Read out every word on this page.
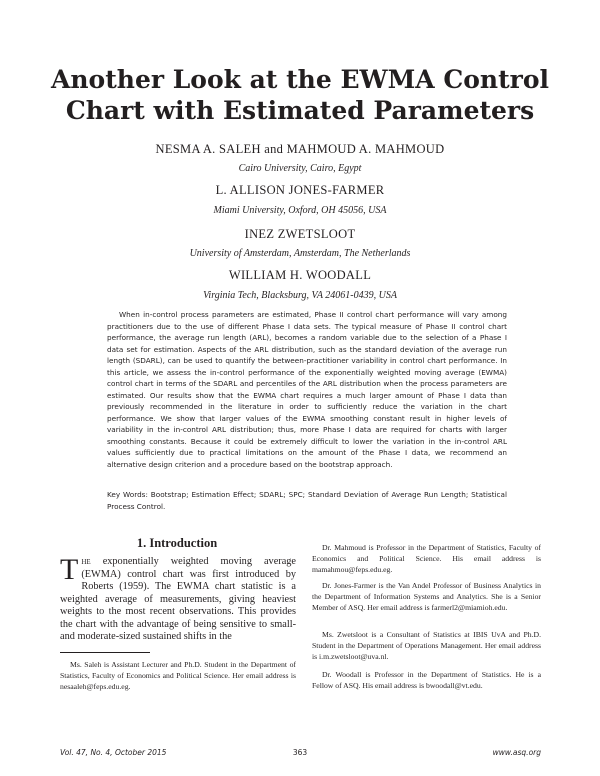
Another Look at the EWMA Control
Chart with Estimated Parameters
NESMA A. SALEH and MAHMOUD A. MAHMOUD
Cairo University, Cairo, Egypt
L. ALLISON JONES-FARMER
Miami University, Oxford, OH 45056, USA
INEZ ZWETSLOOT
University of Amsterdam, Amsterdam, The Netherlands
WILLIAM H. WOODALL
Virginia Tech, Blacksburg, VA 24061-0439, USA

When in-control process parameters are estimated, Phase II control chart performance will vary among practitioners due to the use of different Phase I data sets. The typical measure of Phase II control chart performance, the average run length (ARL), becomes a random variable due to the selection of a Phase I data set for estimation. Aspects of the ARL distribution, such as the standard deviation of the average run length (SDARL), can be used to quantify the between-practitioner variability in control chart performance. In this article, we assess the in-control performance of the exponentially weighted moving average (EWMA) control chart in terms of the SDARL and percentiles of the ARL distribution when the process parameters are estimated. Our results show that the EWMA chart requires a much larger amount of Phase I data than previously recommended in the literature in order to sufficiently reduce the variation in the chart performance. We show that larger values of the EWMA smoothing constant result in higher levels of variability in the in-control ARL distribution; thus, more Phase I data are required for charts with larger smoothing constants. Because it could be extremely difficult to lower the variation in the in-control ARL values sufficiently due to practical limitations on the amount of the Phase I data, we recommend an alternative design criterion and a procedure based on the bootstrap approach.

Key Words: Bootstrap; Estimation Effect; SDARL; SPC; Standard Deviation of Average Run Length; Statistical Process Control.

1. Introduction

The exponentially weighted moving average (EWMA) control chart was first introduced by Roberts (1959). The EWMA chart statistic is a weighted average of measurements, giving heaviest weights to the most recent observations. This provides the chart with the advantage of being sensitive to small- and moderate-sized sustained shifts in the

Ms. Saleh is Assistant Lecturer and Ph.D. Student in the Department of Statistics, Faculty of Economics and Political Science. Her email address is nesaaleh@feps.edu.eg.

Dr. Mahmoud is Professor in the Department of Statistics, Faculty of Economics and Political Science. His email address is mamahmou@feps.edu.eg.

Dr. Jones-Farmer is the Van Andel Professor of Business Analytics in the Department of Information Systems and Analytics. She is a Senior Member of ASQ. Her email address is farmerl2@miamioh.edu.

Ms. Zwetsloot is a Consultant of Statistics at IBIS UvA and Ph.D. Student in the Department of Operations Management. Her email address is i.m.zwetsloot@uva.nl.

Dr. Woodall is Professor in the Department of Statistics. He is a Fellow of ASQ. His email address is bwoodall@vt.edu.

Vol. 47, No. 4, October 2015	363	www.asq.org
